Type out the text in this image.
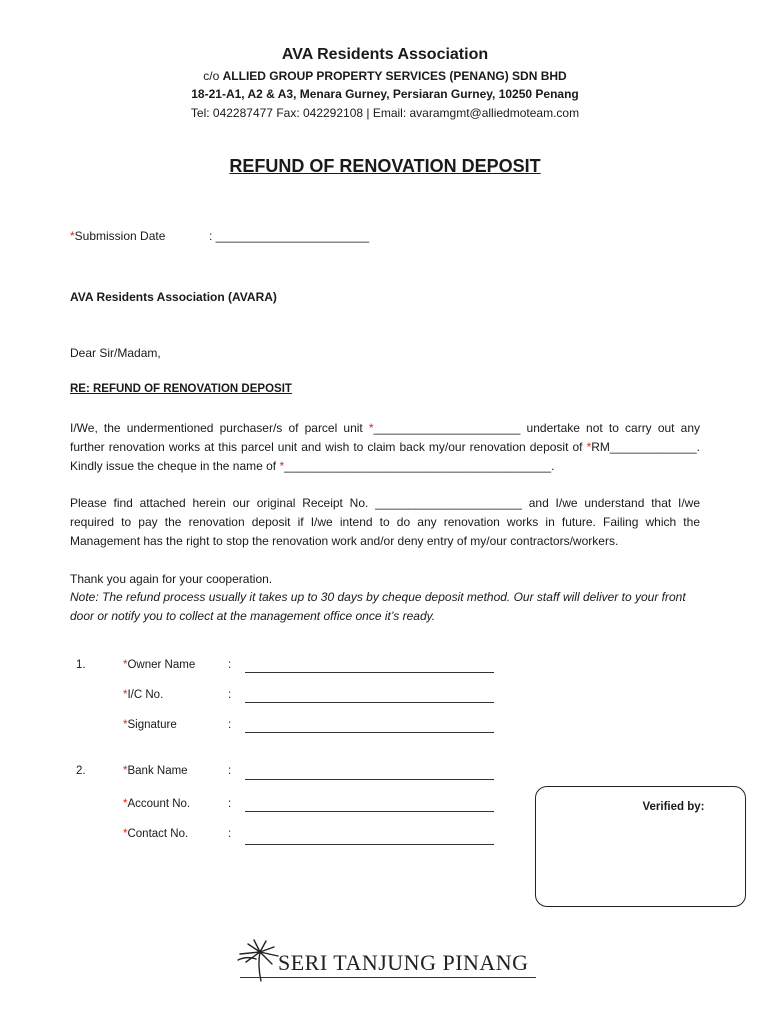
AVA Residents Association
c/o ALLIED GROUP PROPERTY SERVICES (PENANG) SDN BHD
18-21-A1, A2 & A3, Menara Gurney, Persiaran Gurney, 10250 Penang
Tel: 042287477 Fax: 042292108 | Email: avaramgmt@alliedmoteam.com
REFUND OF RENOVATION DEPOSIT
*Submission Date	: _______________________
AVA Residents Association (AVARA)
Dear Sir/Madam,
RE: REFUND OF RENOVATION DEPOSIT
I/We, the undermentioned purchaser/s of parcel unit *______________________ undertake not to carry out any further renovation works at this parcel unit and wish to claim back my/our renovation deposit of *RM_____________. Kindly issue the cheque in the name of *________________________________________.
Please find attached herein our original Receipt No. ______________________ and I/we understand that I/we required to pay the renovation deposit if I/we intend to do any renovation works in future. Failing which the Management has the right to stop the renovation work and/or deny entry of my/our contractors/workers.
Thank you again for your cooperation.
Note: The refund process usually it takes up to 30 days by cheque deposit method. Our staff will deliver to your front door or notify you to collect at the management office once it’s ready.
1.	*Owner Name	:
*I/C No.	:
*Signature	:
2.	*Bank Name	:
*Account No.	:
*Contact No.	:
Verified by:
SERI TANJUNG PINANG
